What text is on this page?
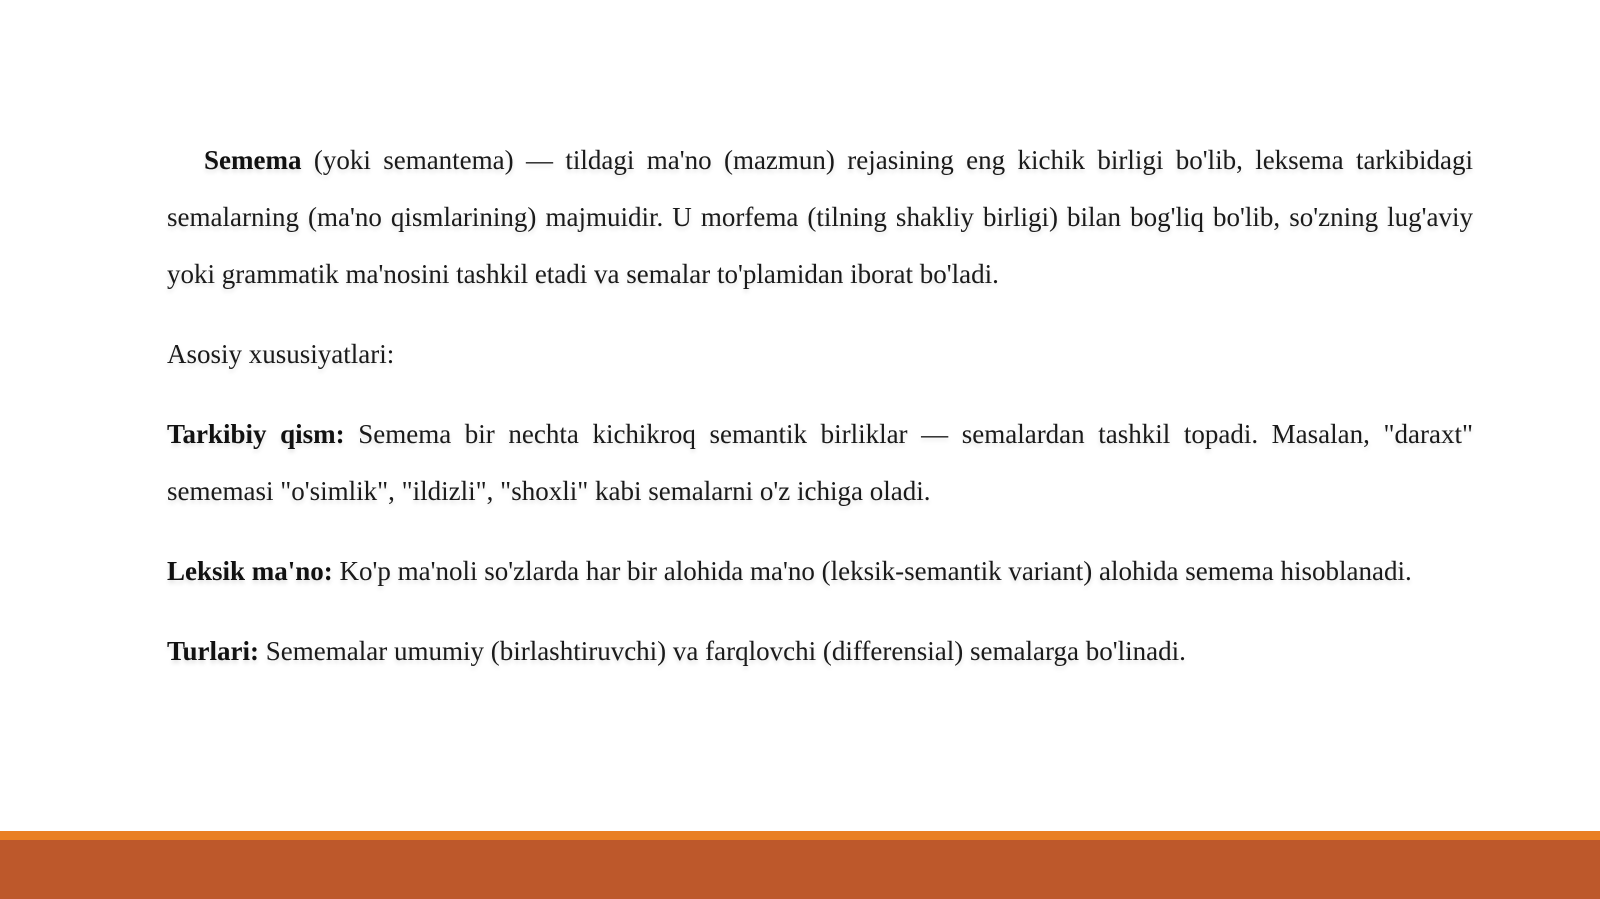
Semema (yoki semantema) — tildagi ma'no (mazmun) rejasining eng kichik birligi bo'lib, leksema tarkibidagi semalarning (ma'no qismlarining) majmuidir. U morfema (tilning shakliy birligi) bilan bog'liq bo'lib, so'zning lug'aviy yoki grammatik ma'nosini tashkil etadi va semalar to'plamidan iborat bo'ladi.

Asosiy xususiyatlari:

Tarkibiy qism: Semema bir nechta kichikroq semantik birliklar — semalardan tashkil topadi. Masalan, "daraxt" sememasi "o'simlik", "ildizli", "shoxli" kabi semalarni o'z ichiga oladi.

Leksik ma'no: Ko'p ma'noli so'zlarda har bir alohida ma'no (leksik-semantik variant) alohida semema hisoblanadi.

Turlari: Sememalar umumiy (birlashtiruvchi) va farqlovchi (differensial) semalarga bo'linadi.
